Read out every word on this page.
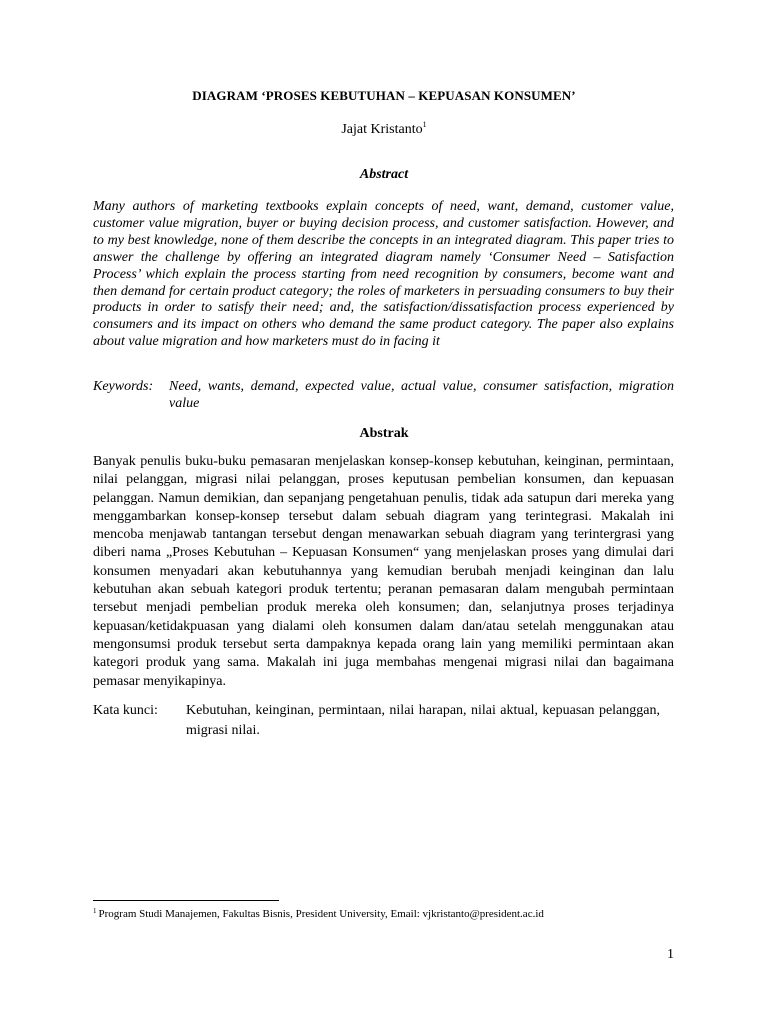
DIAGRAM ‘PROSES KEBUTUHAN – KEPUASAN KONSUMEN’
Jajat Kristanto$^1$
Abstract
Many authors of marketing textbooks explain concepts of need, want, demand, customer value, customer value migration, buyer or buying decision process, and customer satisfaction. However, and to my best knowledge, none of them describe the concepts in an integrated diagram. This paper tries to answer the challenge by offering an integrated diagram namely ‘Consumer Need – Satisfaction Process’ which explain the process starting from need recognition by consumers, become want and then demand for certain product category; the roles of marketers in persuading consumers to buy their products in order to satisfy their need; and, the satisfaction/dissatisfaction process experienced by consumers and its impact on others who demand the same product category. The paper also explains about value migration and how marketers must do in facing it
Keywords: Need, wants, demand, expected value, actual value, consumer satisfaction, migration value
Abstrak
Banyak penulis buku-buku pemasaran menjelaskan konsep-konsep kebutuhan, keinginan, permintaan, nilai pelanggan, migrasi nilai pelanggan, proses keputusan pembelian konsumen, dan kepuasan pelanggan. Namun demikian, dan sepanjang pengetahuan penulis, tidak ada satupun dari mereka yang menggambarkan konsep-konsep tersebut dalam sebuah diagram yang terintegrasi. Makalah ini mencoba menjawab tantangan tersebut dengan menawarkan sebuah diagram yang terintergrasi yang diberi nama „Proses Kebutuhan – Kepuasan Konsumen“ yang menjelaskan proses yang dimulai dari konsumen menyadari akan kebutuhannya yang kemudian berubah menjadi keinginan dan lalu kebutuhan akan sebuah kategori produk tertentu; peranan pemasaran dalam mengubah permintaan tersebut menjadi pembelian produk mereka oleh konsumen; dan, selanjutnya proses terjadinya kepuasan/ketidakpuasan yang dialami oleh konsumen dalam dan/atau setelah menggunakan atau mengonsumsi produk tersebut serta dampaknya kepada orang lain yang memiliki permintaan akan kategori produk yang sama. Makalah ini juga membahas mengenai migrasi nilai dan bagaimana pemasar menyikapinya.
Kata kunci: Kebutuhan, keinginan, permintaan, nilai harapan, nilai aktual, kepuasan pelanggan, migrasi nilai.
$^1$ Program Studi Manajemen, Fakultas Bisnis, President University, Email: vjkristanto@president.ac.id
1
